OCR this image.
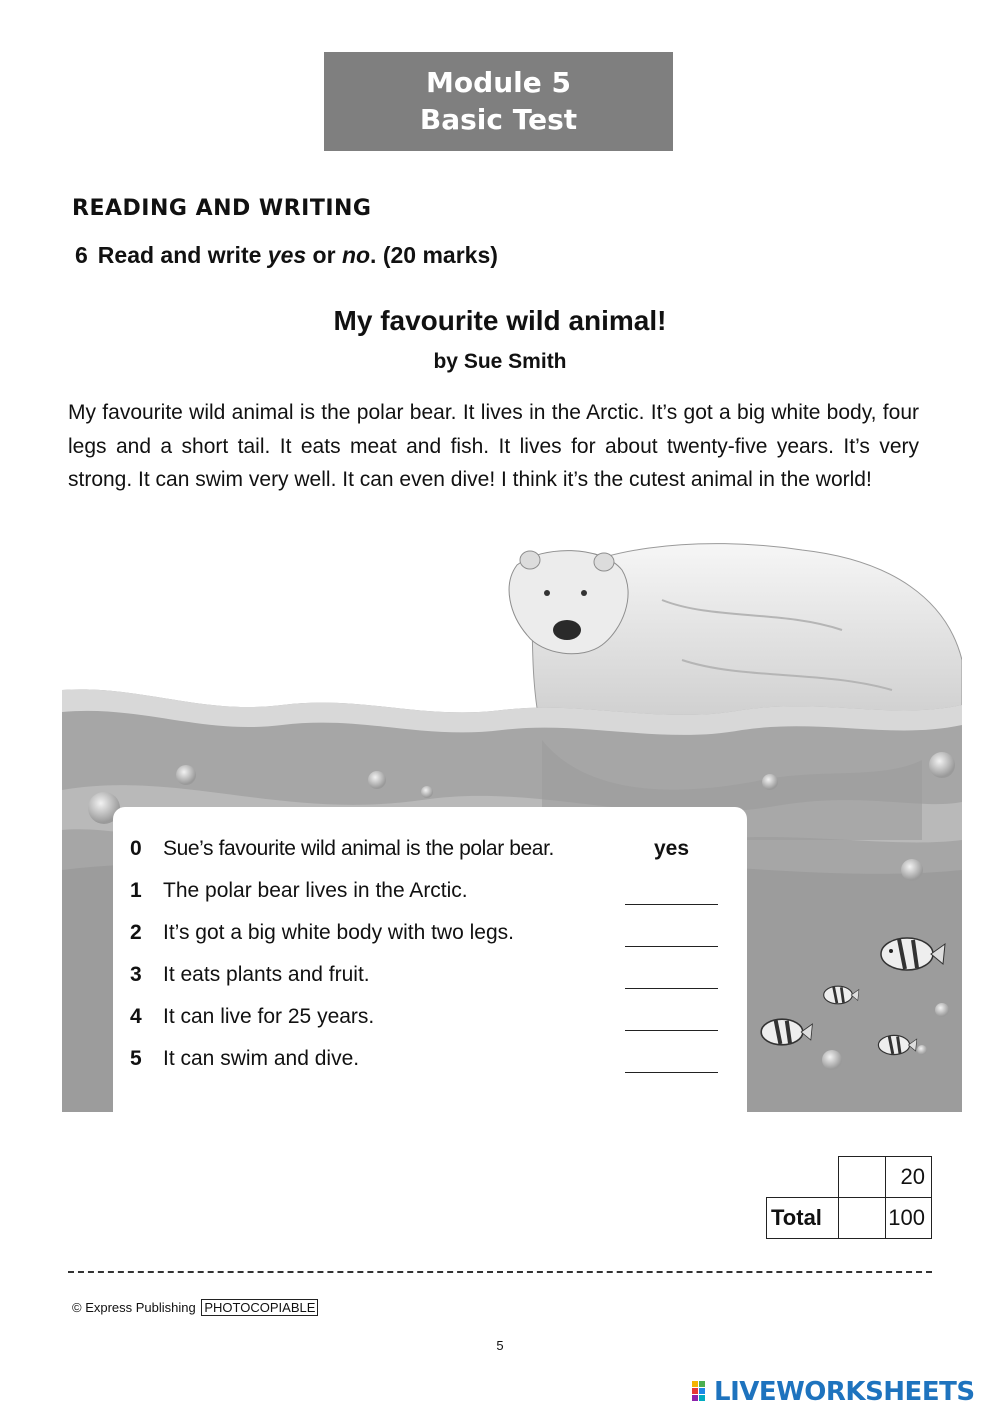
Module 5
Basic Test
READING AND WRITING
6 Read and write yes or no. (20 marks)
My favourite wild animal!
by Sue Smith
My favourite wild animal is the polar bear. It lives in the Arctic. It’s got a big white body, four legs and a short tail. It eats meat and fish. It lives for about twenty-five years. It’s very strong. It can swim very well. It can even dive! I think it’s the cutest animal in the world!
0 Sue’s favourite wild animal is the polar bear.	yes
1 The polar bear lives in the Arctic.
2 It’s got a big white body with two legs.
3 It eats plants and fruit.
4 It can live for 25 years.
5 It can swim and dive.
		20
Total		100
© Express Publishing PHOTOCOPIABLE
5
LIVEWORKSHEETS
